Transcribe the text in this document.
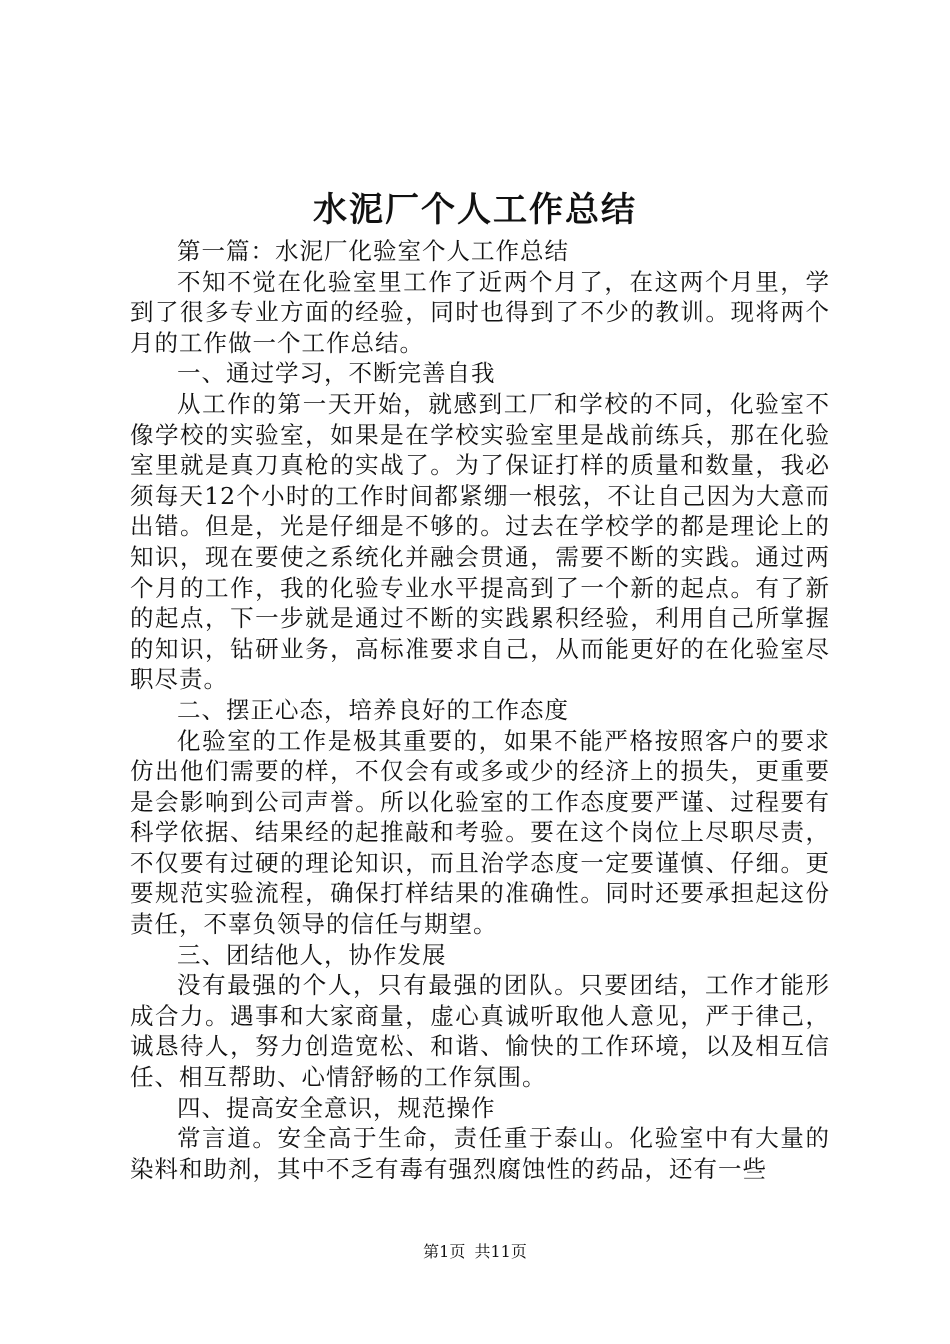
水泥厂个人工作总结

第一篇：水泥厂化验室个人工作总结

不知不觉在化验室里工作了近两个月了，在这两个月里，学到了很多专业方面的经验，同时也得到了不少的教训。现将两个月的工作做一个工作总结。

一、通过学习，不断完善自我

从工作的第一天开始，就感到工厂和学校的不同，化验室不像学校的实验室，如果是在学校实验室里是战前练兵，那在化验室里就是真刀真枪的实战了。为了保证打样的质量和数量，我必须每天12个小时的工作时间都紧绷一根弦，不让自己因为大意而出错。但是，光是仔细是不够的。过去在学校学的都是理论上的知识，现在要使之系统化并融会贯通，需要不断的实践。通过两个月的工作，我的化验专业水平提高到了一个新的起点。有了新的起点，下一步就是通过不断的实践累积经验，利用自己所掌握的知识，钻研业务，高标准要求自己，从而能更好的在化验室尽职尽责。

二、摆正心态，培养良好的工作态度

化验室的工作是极其重要的，如果不能严格按照客户的要求仿出他们需要的样，不仅会有或多或少的经济上的损失，更重要是会影响到公司声誉。所以化验室的工作态度要严谨、过程要有科学依据、结果经的起推敲和考验。要在这个岗位上尽职尽责，不仅要有过硬的理论知识，而且治学态度一定要谨慎、仔细。更要规范实验流程，确保打样结果的准确性。同时还要承担起这份责任，不辜负领导的信任与期望。

三、团结他人，协作发展

没有最强的个人，只有最强的团队。只要团结，工作才能形成合力。遇事和大家商量，虚心真诚听取他人意见，严于律己，诚恳待人，努力创造宽松、和谐、愉快的工作环境，以及相互信任、相互帮助、心情舒畅的工作氛围。

四、提高安全意识，规范操作

常言道。安全高于生命，责任重于泰山。化验室中有大量的染料和助剂，其中不乏有毒有强烈腐蚀性的药品，还有一些

第1页 共11页
